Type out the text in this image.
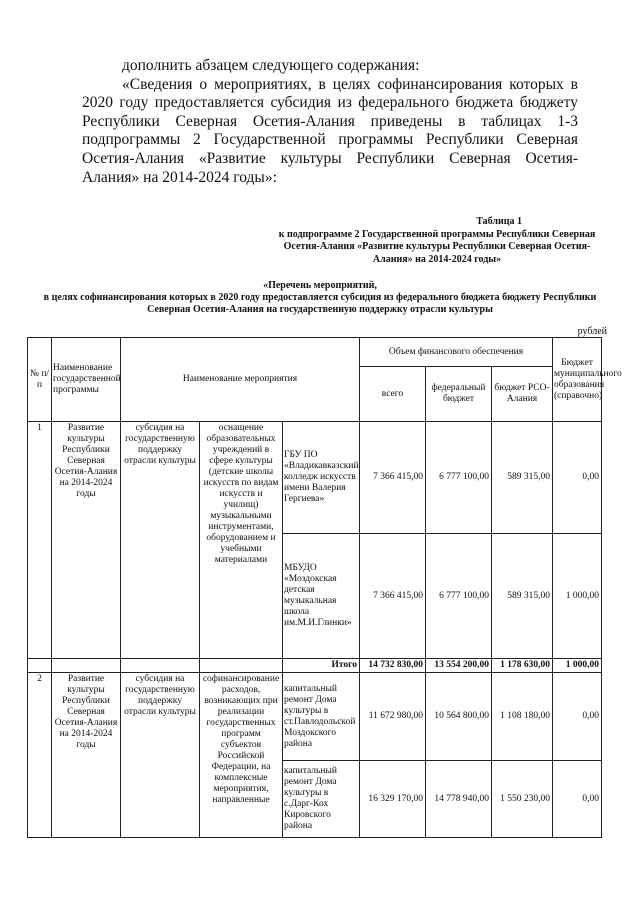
дополнить абзацем следующего содержания:

«Сведения о мероприятиях, в целях софинансирования которых в 2020 году предоставляется субсидия из федерального бюджета бюджету Республики Северная Осетия-Алания приведены в таблицах 1-3 подпрограммы 2 Государственной программы Республики Северная Осетия-Алания «Развитие культуры Республики Северная Осетия-Алания» на 2014-2024 годы»:

Таблица 1
к подпрограмме 2 Государственной программы Республики Северная Осетия-Алания «Развитие культуры Республики Северная Осетия-Алания» на 2014-2024 годы»
«Перечень мероприятий,
в целях софинансирования которых в 2020 году предоставляется субсидия из федерального бюджета бюджету Республики Северная Осетия-Алания на государственную поддержку отрасли культуры
рублей
№ п/п	Наименование государственной программы	Наименование мероприятия			Объем финансового обеспечения			Бюджет муниципального образования (справочно)
					всего	федеральный бюджет	бюджет РСО-Алания	
1	Развитие культуры Республики Северная Осетия-Алания на 2014-2024 годы	субсидия на государственную поддержку отрасли культуры	оснащение образовательных учреждений в сфере культуры (детские школы искусств по видам искусств и училищ) музыкальными инструментами, оборудованием и учебными материалами	ГБУ ПО «Владикавказский колледж искусств имени Валерия Гергиева»	7 366 415,00	6 777 100,00	589 315,00	0,00
				МБУДО «Моздокская детская музыкальная школа им.М.И.Глинки»	7 366 415,00	6 777 100,00	589 315,00	1 000,00
				Итого	14 732 830,00	13 554 200,00	1 178 630,00	1 000,00
2	Развитие культуры Республики Северная Осетия-Алания на 2014-2024 годы	субсидия на государственную поддержку отрасли культуры	софинансирование расходов, возникающих при реализации государственных программ субъектов Российской Федерации, на комплексные мероприятия, направленные	капитальный ремонт Дома культуры в ст.Павлодольской Моздокского района	11 672 980,00	10 564 800,00	1 108 180,00	0,00
				капитальный ремонт Дома культуры в с.Дарг-Кох Кировского района	16 329 170,00	14 778 940,00	1 550 230,00	0,00
